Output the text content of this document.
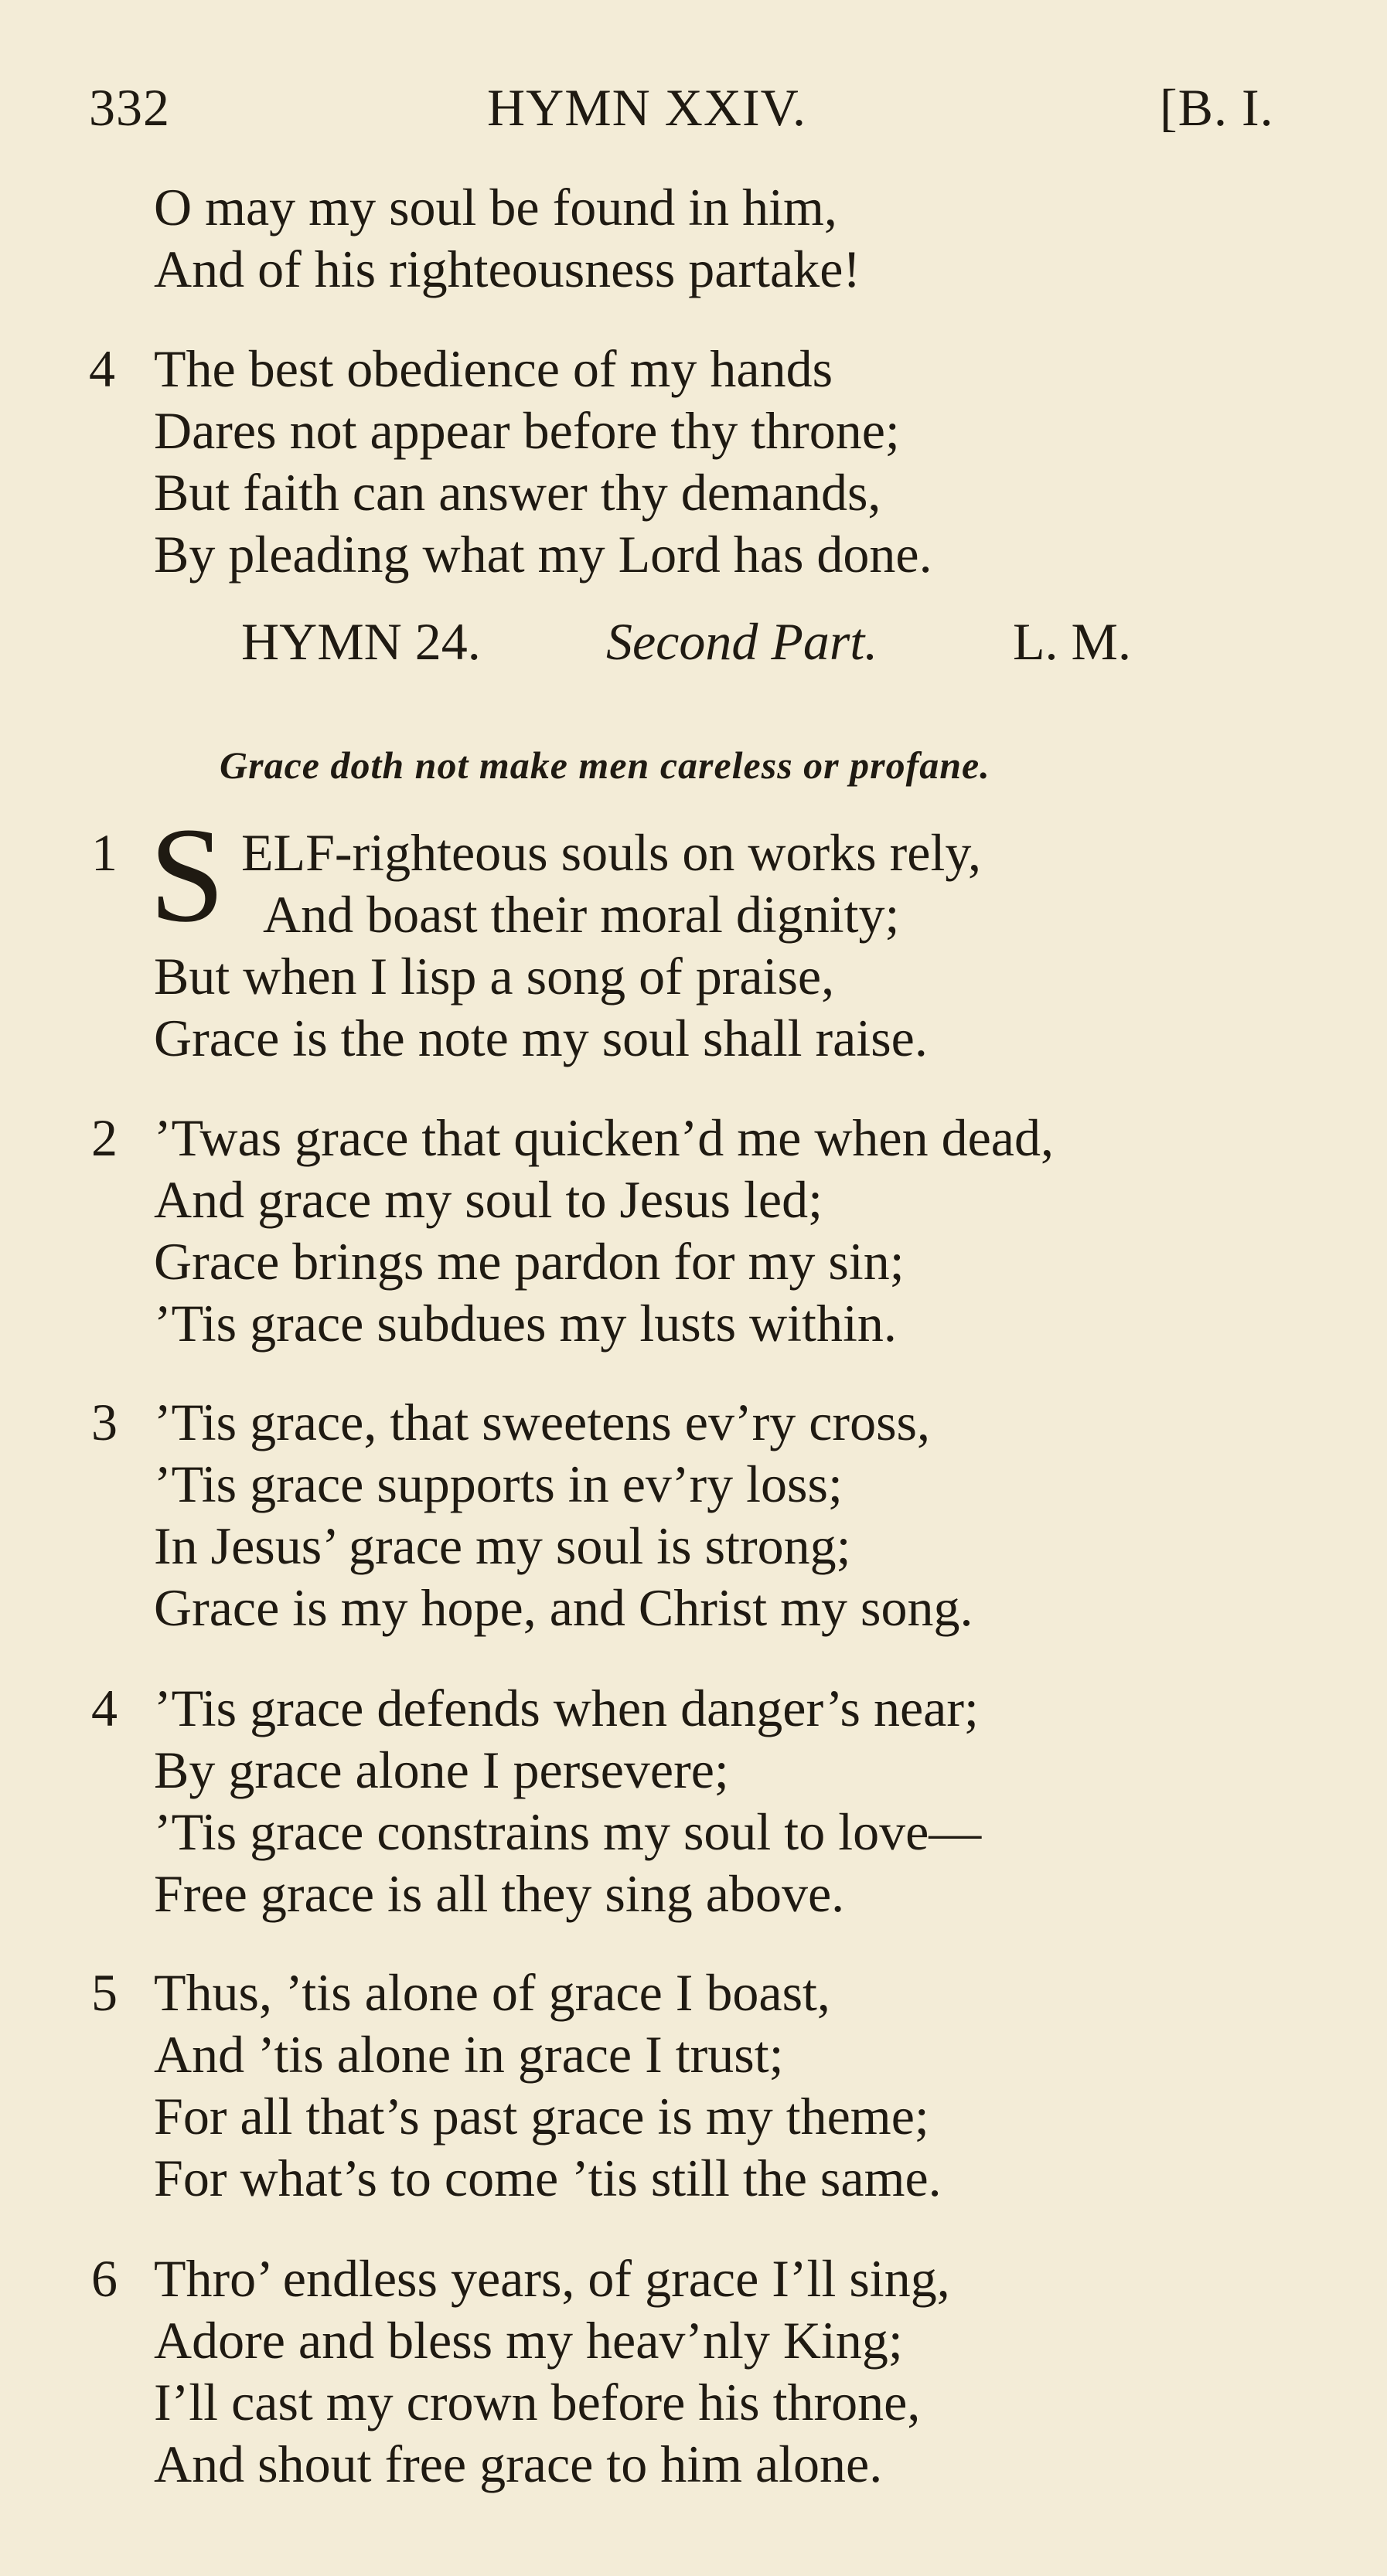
332	HYMN XXIV.	[B. I.
O may my soul be found in him,
And of his righteousness partake!
4 The best obedience of my hands
Dares not appear before thy throne;
But faith can answer thy demands,
By pleading what my Lord has done.
HYMN 24. Second Part.	L. M.
Grace doth not make men careless or profane.
1 S ELF-righteous souls on works rely,
And boast their moral dignity;
But when I lisp a song of praise,
Grace is the note my soul shall raise.
2 ’Twas grace that quicken’d me when dead,
And grace my soul to Jesus led;
Grace brings me pardon for my sin;
’Tis grace subdues my lusts within.
3 ’Tis grace, that sweetens ev’ry cross,
’Tis grace supports in ev’ry loss;
In Jesus’ grace my soul is strong;
Grace is my hope, and Christ my song.
4 ’Tis grace defends when danger’s near;
By grace alone I persevere;
’Tis grace constrains my soul to love—
Free grace is all they sing above.
5 Thus, ’tis alone of grace I boast,
And ’tis alone in grace I trust;
For all that’s past grace is my theme;
For what’s to come ’tis still the same.
6 Thro’ endless years, of grace I’ll sing,
Adore and bless my heav’nly King;
I’ll cast my crown before his throne,
And shout free grace to him alone.
